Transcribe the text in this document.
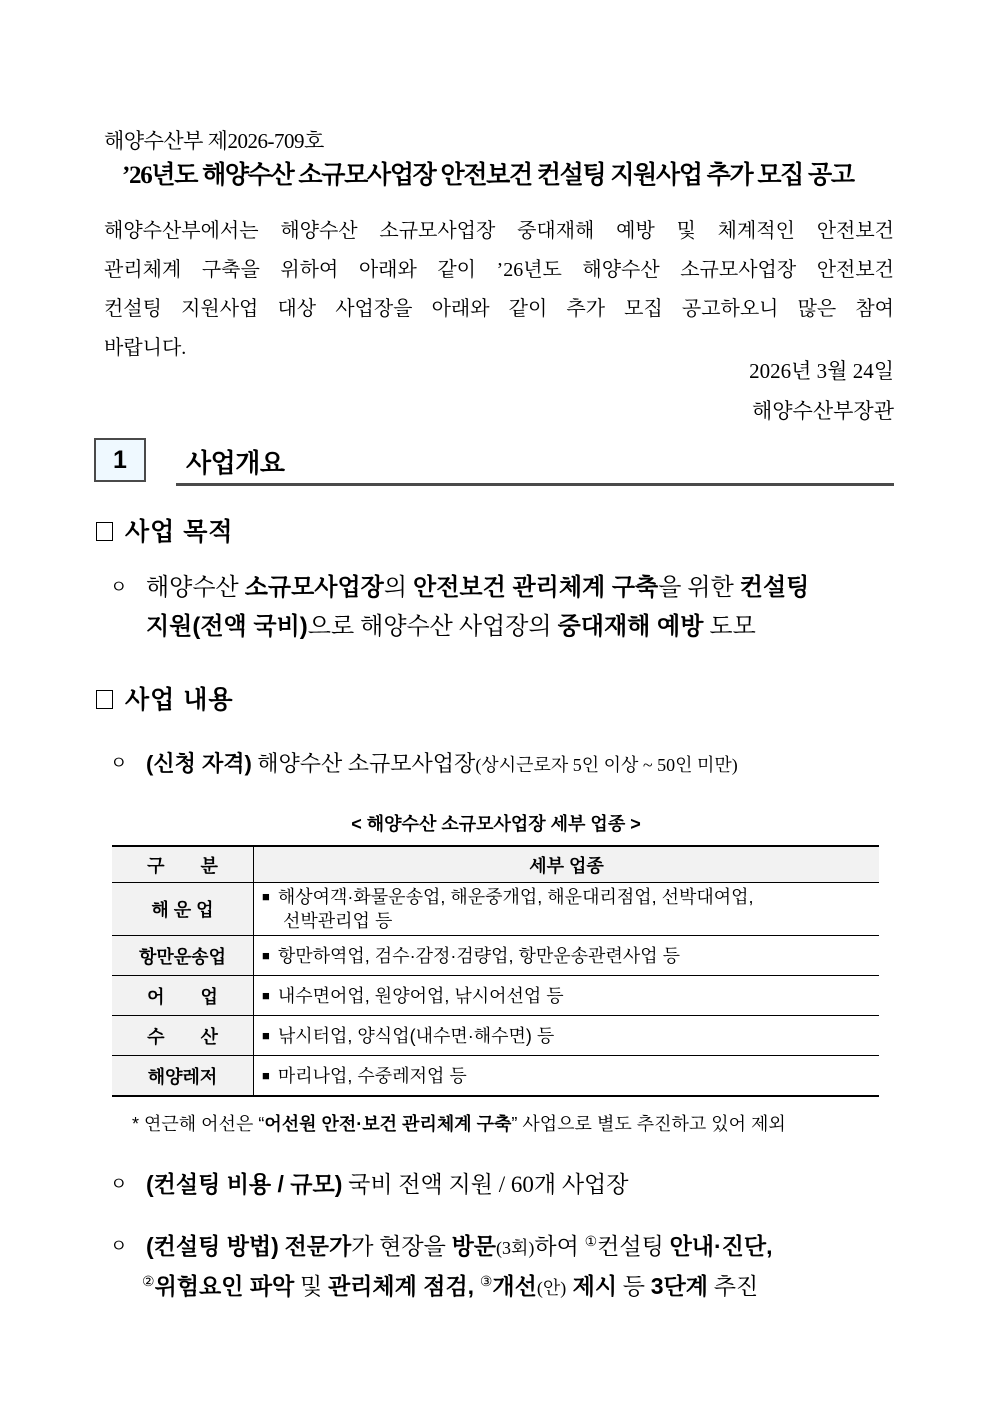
해양수산부 제2026-709호
’26년도 해양수산 소규모사업장 안전보건 컨설팅 지원사업 추가 모집 공고
해양수산부에서는 해양수산 소규모사업장 중대재해 예방 및 체계적인 안전보건
관리체계 구축을 위하여 아래와 같이 ’26년도 해양수산 소규모사업장 안전보건
컨설팅 지원사업 대상 사업장을 아래와 같이 추가 모집 공고하오니 많은 참여
바랍니다.
2026년 3월 24일
해양수산부장관
1	사업개요
사업 목적
ㅇ 해양수산 소규모사업장의 안전보건 관리체계 구축을 위한 컨설팅
지원(전액 국비)으로 해양수산 사업장의 중대재해 예방 도모
사업 내용
ㅇ (신청 자격) 해양수산 소규모사업장(상시근로자 5인 이상 ~ 50인 미만)
< 해양수산 소규모사업장 세부 업종 >
구　　분	세부 업종
해 운 업	■ 해상여객·화물운송업, 해운중개업, 해운대리점업, 선박대여업,
선박관리업 등

항만운송업	■ 항만하역업, 검수·감정·검량업, 항만운송관련사업 등
어　　업	■ 내수면어업, 원양어업, 낚시어선업 등
수　　산	■ 낚시터업, 양식업(내수면·해수면) 등
해양레저	■ 마리나업, 수중레저업 등
* 연근해 어선은 “어선원 안전·보건 관리체계 구축” 사업으로 별도 추진하고 있어 제외
ㅇ (컨설팅 비용 / 규모) 국비 전액 지원 / 60개 사업장
ㅇ (컨설팅 방법) 전문가가 현장을 방문(3회)하여 ①컨설팅 안내·진단,
②위험요인 파악 및 관리체계 점검, ③개선(안) 제시 등 3단계 추진
